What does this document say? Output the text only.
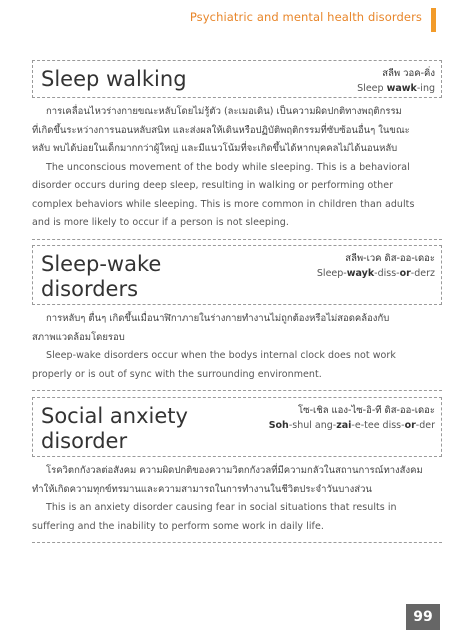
Psychiatric and mental health disorders
Sleep walking	สลีพ วอค-คิ่ง
Sleep wawk-ing

การเคลื่อนไหวร่างกายขณะหลับโดยไม่รู้ตัว (ละเมอเดิน) เป็นความผิดปกติทางพฤติกรรม

ที่เกิดขึ้นระหว่างการนอนหลับสนิท และส่งผลให้เดินหรือปฏิบัติพฤติกรรมที่ซับซ้อนอื่นๆ ในขณะ

หลับ พบได้บ่อยในเด็กมากกว่าผู้ใหญ่ และมีแนวโน้มที่จะเกิดขึ้นได้หากบุคคลไม่ได้นอนหลับ

The unconscious movement of the body while sleeping. This is a behavioral

disorder occurs during deep sleep, resulting in walking or performing other

complex behaviors while sleeping. This is more common in children than adults

and is more likely to occur if a person is not sleeping.

Sleep-wake
disorders
สลีพ-เวค ดิส-ออ-เดอะ
Sleep-wayk-diss-or-derz

การหลับๆ ตื่นๆ เกิดขึ้นเมื่อนาฬิกาภายในร่างกายทำงานไม่ถูกต้องหรือไม่สอดคล้องกับ

สภาพแวดล้อมโดยรอบ

Sleep-wake disorders occur when the bodys internal clock does not work

properly or is out of sync with the surrounding environment.

Social anxiety
disorder
โซ-เชิล แอง-ไซ-อิ-ที ดิส-ออ-เดอะ
Soh-shul ang-zai-e-tee diss-or-der

โรควิตกกังวลต่อสังคม ความผิดปกติของความวิตกกังวลที่มีความกลัวในสถานการณ์ทางสังคม

ทำให้เกิดความทุกข์ทรมานและความสามารถในการทำงานในชีวิตประจำวันบางส่วน

This is an anxiety disorder causing fear in social situations that results in

suffering and the inability to perform some work in daily life.

99
